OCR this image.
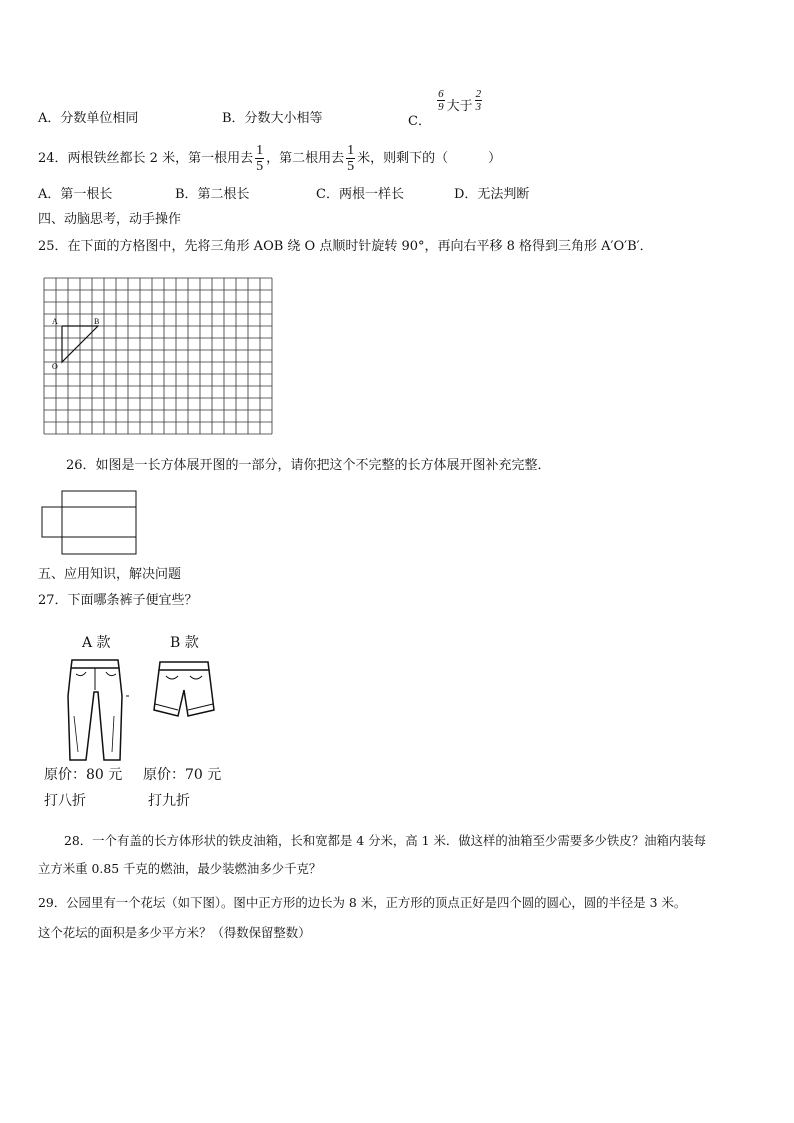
A．分数单位相同	B．分数大小相等	C．
$\frac{6}{9}$ 大于 $\frac{2}{3}$
24．两根铁丝都长 2 米，第一根用去 $\frac{1}{5}$ ，第二根用去 $\frac{1}{5}$ 米，则剩下的（	）
A．第一根长	B．第二根长	C．两根一样长	D．无法判断
四、动脑思考，动手操作
25．在下面的方格图中，先将三角形 AOB 绕 O 点顺时针旋转 90°，再向右平移 8 格得到三角形 A′O′B′．
A	B
O
26．如图是一长方体展开图的一部分，请你把这个不完整的长方体展开图补充完整．
五、应用知识，解决问题
27．下面哪条裤子便宜些？
A 款	B 款
原价：80 元 原价：70 元
打八折	打九折
28．一个有盖的长方体形状的铁皮油箱，长和宽都是 4 分米，高 1 米．做这样的油箱至少需要多少铁皮？油箱内装每
立方米重 0.85 千克的燃油，最少装燃油多少千克？
29．公园里有一个花坛（如下图）。图中正方形的边长为 8 米，正方形的顶点正好是四个圆的圆心，圆的半径是 3 米。
这个花坛的面积是多少平方米？（得数保留整数）
